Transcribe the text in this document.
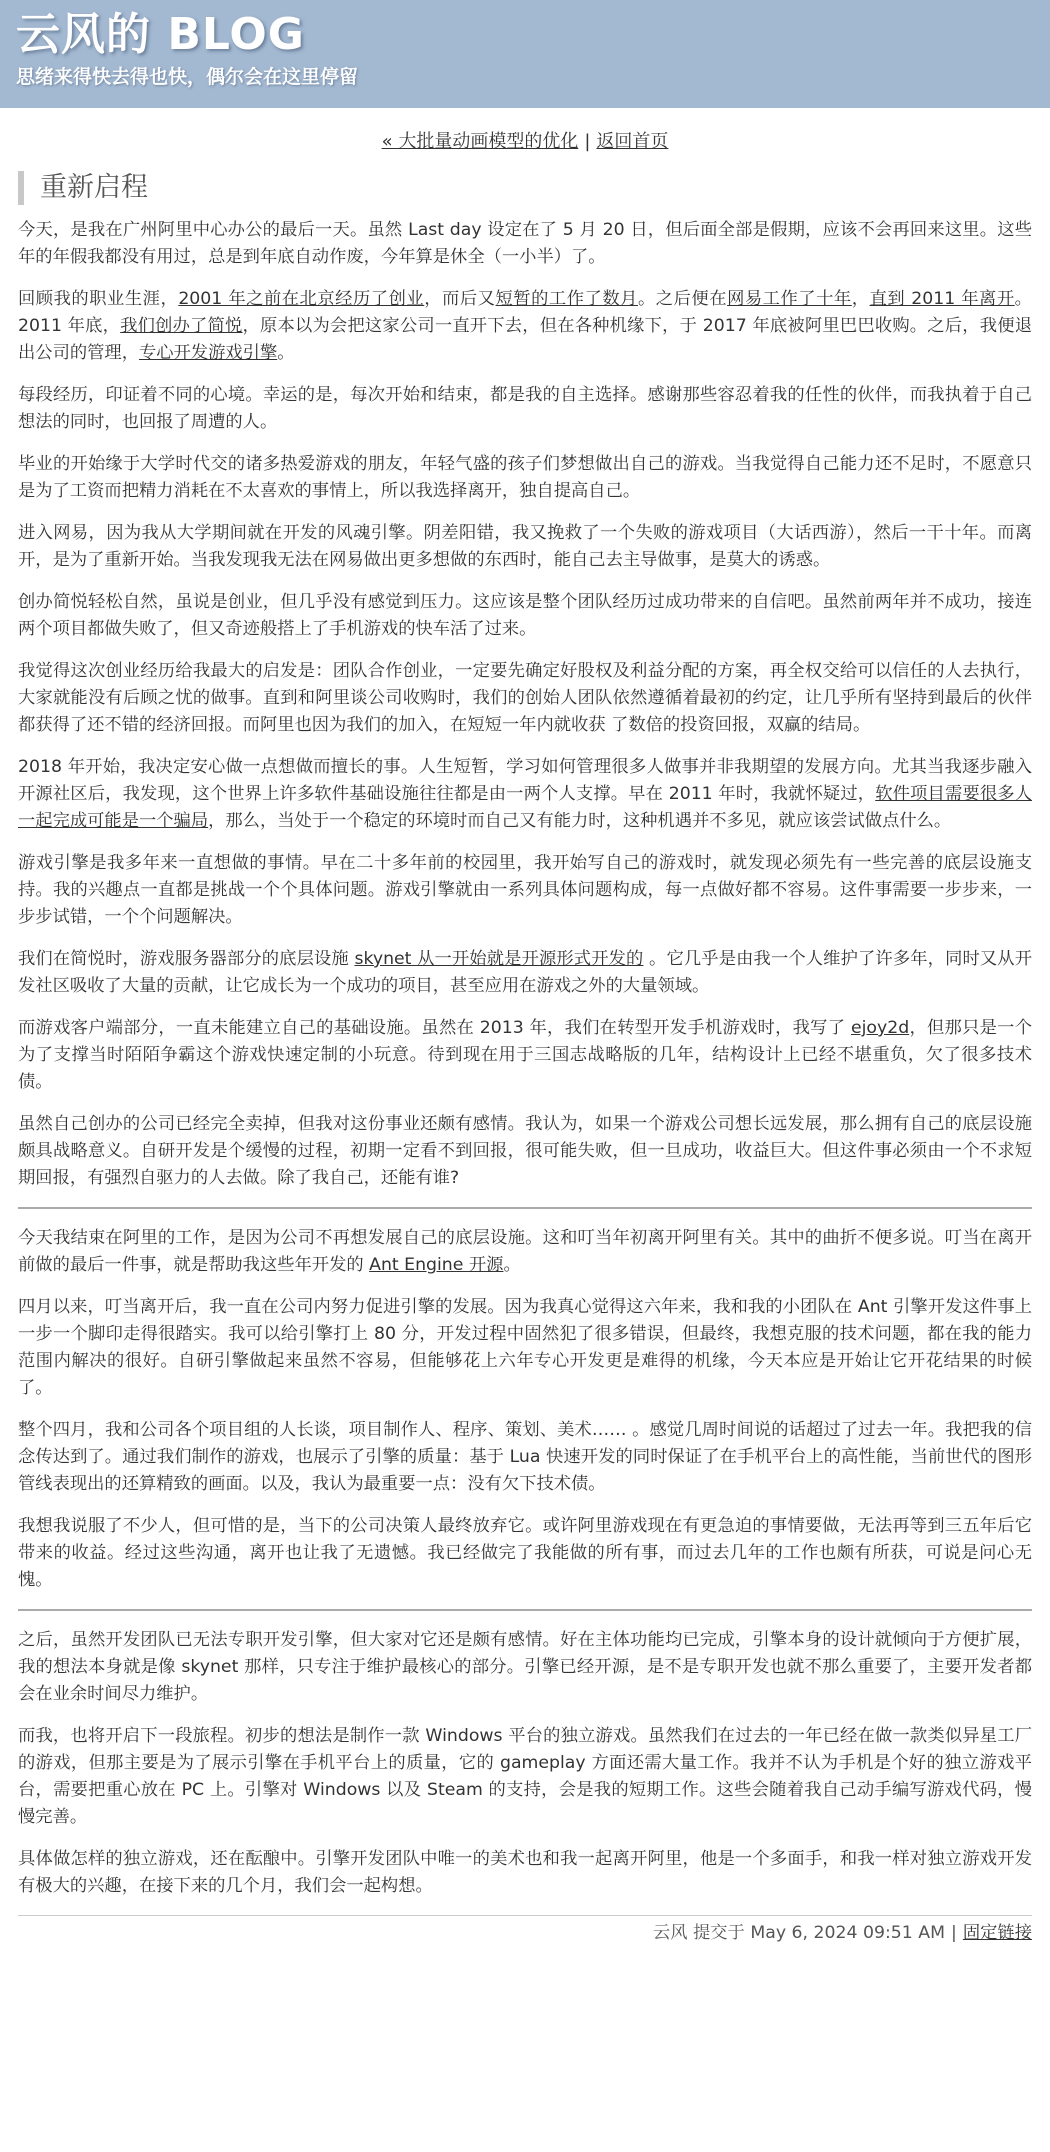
云风的 BLOG
思绪来得快去得也快，偶尔会在这里停留
« 大批量动画模型的优化 | 返回首页
重新启程

今天，是我在广州阿里中心办公的最后一天。虽然 Last day 设定在了 5 月 20 日，但后面全部是假期，应该不会再回来这里。这些年的年假我都没有用过，总是到年底自动作废，今年算是休全（一小半）了。

回顾我的职业生涯，2001 年之前在北京经历了创业，而后又短暂的工作了数月。之后便在网易工作了十年，直到 2011 年离开。2011 年底，我们创办了简悦，原本以为会把这家公司一直开下去，但在各种机缘下，于 2017 年底被阿里巴巴收购。之后，我便退出公司的管理，专心开发游戏引擎。

每段经历，印证着不同的心境。幸运的是，每次开始和结束，都是我的自主选择。感谢那些容忍着我的任性的伙伴，而我执着于自己想法的同时，也回报了周遭的人。

毕业的开始缘于大学时代交的诸多热爱游戏的朋友，年轻气盛的孩子们梦想做出自己的游戏。当我觉得自己能力还不足时，不愿意只是为了工资而把精力消耗在不太喜欢的事情上，所以我选择离开，独自提高自己。

进入网易，因为我从大学期间就在开发的风魂引擎。阴差阳错，我又挽救了一个失败的游戏项目（大话西游），然后一干十年。而离开，是为了重新开始。当我发现我无法在网易做出更多想做的东西时，能自己去主导做事，是莫大的诱惑。

创办简悦轻松自然，虽说是创业，但几乎没有感觉到压力。这应该是整个团队经历过成功带来的自信吧。虽然前两年并不成功，接连两个项目都做失败了，但又奇迹般搭上了手机游戏的快车活了过来。

我觉得这次创业经历给我最大的启发是：团队合作创业，一定要先确定好股权及利益分配的方案，再全权交给可以信任的人去执行，大家就能没有后顾之忧的做事。直到和阿里谈公司收购时，我们的创始人团队依然遵循着最初的约定，让几乎所有坚持到最后的伙伴都获得了还不错的经济回报。而阿里也因为我们的加入，在短短一年内就收获 了数倍的投资回报，双赢的结局。

2018 年开始，我决定安心做一点想做而擅长的事。人生短暂，学习如何管理很多人做事并非我期望的发展方向。尤其当我逐步融入开源社区后，我发现，这个世界上许多软件基础设施往往都是由一两个人支撑。早在 2011 年时，我就怀疑过，软件项目需要很多人一起完成可能是一个骗局，那么，当处于一个稳定的环境时而自己又有能力时，这种机遇并不多见，就应该尝试做点什么。

游戏引擎是我多年来一直想做的事情。早在二十多年前的校园里，我开始写自己的游戏时，就发现必须先有一些完善的底层设施支持。我的兴趣点一直都是挑战一个个具体问题。游戏引擎就由一系列具体问题构成，每一点做好都不容易。这件事需要一步步来，一步步试错，一个个问题解决。

我们在简悦时，游戏服务器部分的底层设施 skynet 从一开始就是开源形式开发的 。它几乎是由我一个人维护了许多年，同时又从开发社区吸收了大量的贡献，让它成长为一个成功的项目，甚至应用在游戏之外的大量领域。

而游戏客户端部分，一直未能建立自己的基础设施。虽然在 2013 年，我们在转型开发手机游戏时，我写了 ejoy2d，但那只是一个为了支撑当时陌陌争霸这个游戏快速定制的小玩意。待到现在用于三国志战略版的几年，结构设计上已经不堪重负，欠了很多技术债。

虽然自己创办的公司已经完全卖掉，但我对这份事业还颇有感情。我认为，如果一个游戏公司想长远发展，那么拥有自己的底层设施颇具战略意义。自研开发是个缓慢的过程，初期一定看不到回报，很可能失败，但一旦成功，收益巨大。但这件事必须由一个不求短期回报，有强烈自驱力的人去做。除了我自己，还能有谁?

今天我结束在阿里的工作，是因为公司不再想发展自己的底层设施。这和叮当年初离开阿里有关。其中的曲折不便多说。叮当在离开前做的最后一件事，就是帮助我这些年开发的 Ant Engine 开源。

四月以来，叮当离开后，我一直在公司内努力促进引擎的发展。因为我真心觉得这六年来，我和我的小团队在 Ant 引擎开发这件事上一步一个脚印走得很踏实。我可以给引擎打上 80 分，开发过程中固然犯了很多错误，但最终，我想克服的技术问题，都在我的能力范围内解决的很好。自研引擎做起来虽然不容易，但能够花上六年专心开发更是难得的机缘，今天本应是开始让它开花结果的时候了。

整个四月，我和公司各个项目组的人长谈，项目制作人、程序、策划、美术…… 。感觉几周时间说的话超过了过去一年。我把我的信念传达到了。通过我们制作的游戏，也展示了引擎的质量：基于 Lua 快速开发的同时保证了在手机平台上的高性能，当前世代的图形管线表现出的还算精致的画面。以及，我认为最重要一点：没有欠下技术债。

我想我说服了不少人，但可惜的是，当下的公司决策人最终放弃它。或许阿里游戏现在有更急迫的事情要做，无法再等到三五年后它带来的收益。经过这些沟通，离开也让我了无遗憾。我已经做完了我能做的所有事，而过去几年的工作也颇有所获，可说是问心无愧。

之后，虽然开发团队已无法专职开发引擎，但大家对它还是颇有感情。好在主体功能均已完成，引擎本身的设计就倾向于方便扩展，我的想法本身就是像 skynet 那样，只专注于维护最核心的部分。引擎已经开源，是不是专职开发也就不那么重要了，主要开发者都会在业余时间尽力维护。

而我，也将开启下一段旅程。初步的想法是制作一款 Windows 平台的独立游戏。虽然我们在过去的一年已经在做一款类似异星工厂的游戏，但那主要是为了展示引擎在手机平台上的质量，它的 gameplay 方面还需大量工作。我并不认为手机是个好的独立游戏平台，需要把重心放在 PC 上。引擎对 Windows 以及 Steam 的支持，会是我的短期工作。这些会随着我自己动手编写游戏代码，慢慢完善。

具体做怎样的独立游戏，还在酝酿中。引擎开发团队中唯一的美术也和我一起离开阿里，他是一个多面手，和我一样对独立游戏开发有极大的兴趣，在接下来的几个月，我们会一起构想。

云风 提交于 May 6, 2024 09:51 AM | 固定链接
